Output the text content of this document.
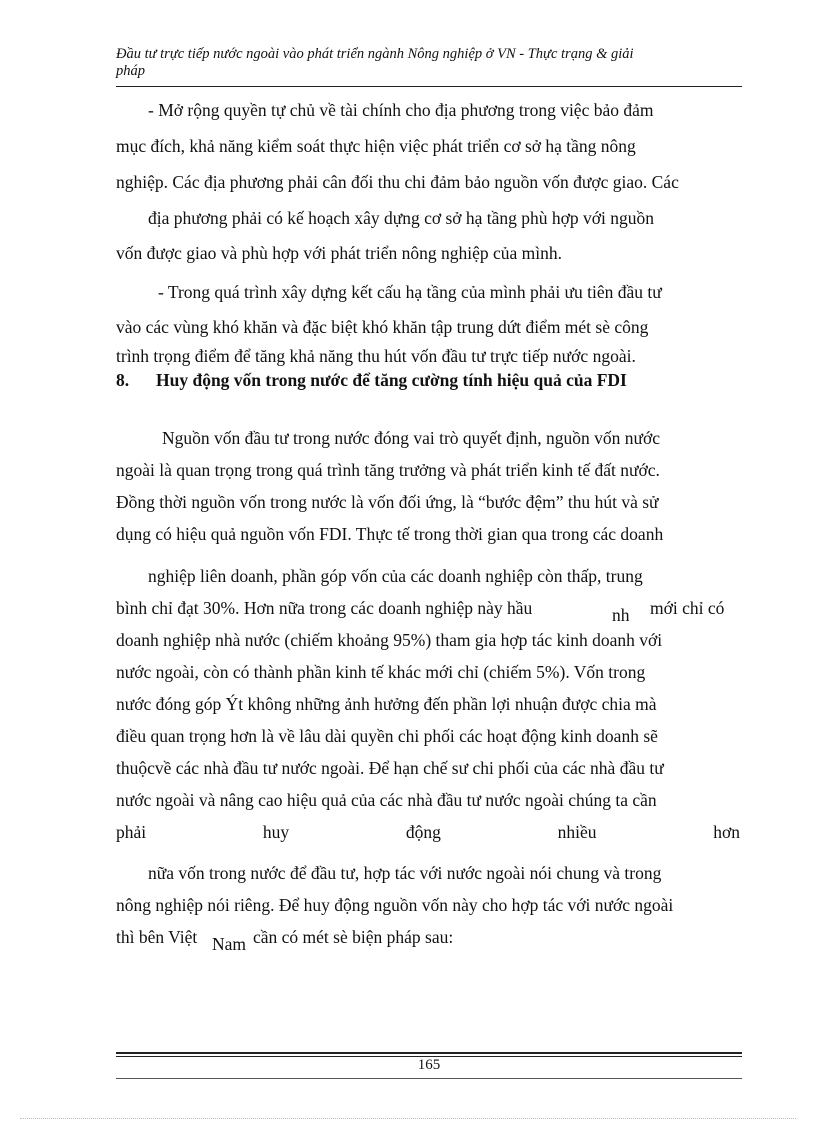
Đầu tư trực tiếp nước ngoài vào phát triển ngành Nông nghiệp ở VN - Thực trạng & giải
pháp
- Mở rộng quyền tự chủ về tài chính cho địa phương trong việc bảo đảm
mục đích, khả năng kiểm soát thực hiện việc phát triển cơ sở hạ tầng nông
nghiệp. Các địa phương phải cân đối thu chi đảm bảo nguồn vốn được giao. Các
địa phương phải có kế hoạch xây dựng cơ sở hạ tầng phù hợp với nguồn
vốn được giao và phù hợp với phát triển nông nghiệp của mình.
- Trong quá trình xây dựng kết cấu hạ tầng của mình phải ưu tiên đầu tư
vào các vùng khó khăn và đặc biệt khó khăn tập trung dứt điểm mét sè công
trình trọng điểm để tăng khả năng thu hút vốn đầu tư trực tiếp nước ngoài.
8. Huy động vốn trong nước để tăng cường tính hiệu quả của FDI
Nguồn vốn đầu tư trong nước đóng vai trò quyết định, nguồn vốn nước
ngoài là quan trọng trong quá trình tăng trưởng và phát triển kinh tế đất nước.
Đồng thời nguồn vốn trong nước là vốn đối ứng, là “bước đệm” thu hút và sử
dụng có hiệu quả nguồn vốn FDI. Thực tế trong thời gian qua trong các doanh
nghiệp liên doanh, phần góp vốn của các doanh nghiệp còn thấp, trung
bình chỉ đạt 30%. Hơn nữa trong các doanh nghiệp này hầu	nh mới chỉ có
doanh nghiệp nhà nước (chiếm khoảng 95%) tham gia hợp tác kinh doanh với
nước ngoài, còn có thành phần kinh tế khác mới chỉ (chiếm 5%). Vốn trong
nước đóng góp Ýt không những ảnh hưởng đến phần lợi nhuận được chia mà
điều quan trọng hơn là về lâu dài quyền chi phối các hoạt động kinh doanh sẽ
thuộcvề các nhà đầu tư nước ngoài. Để hạn chế sư chi phối của các nhà đầu tư
nước ngoài và nâng cao hiệu quả của các nhà đầu tư nước ngoài chúng ta cần
phải	huy	động	nhiều	hơn
nữa vốn trong nước để đầu tư, hợp tác với nước ngoài nói chung và trong
nông nghiệp nói riêng. Để huy động nguồn vốn này cho hợp tác với nước ngoài
thì bên Việt Nam cần có mét sè biện pháp sau:
165
